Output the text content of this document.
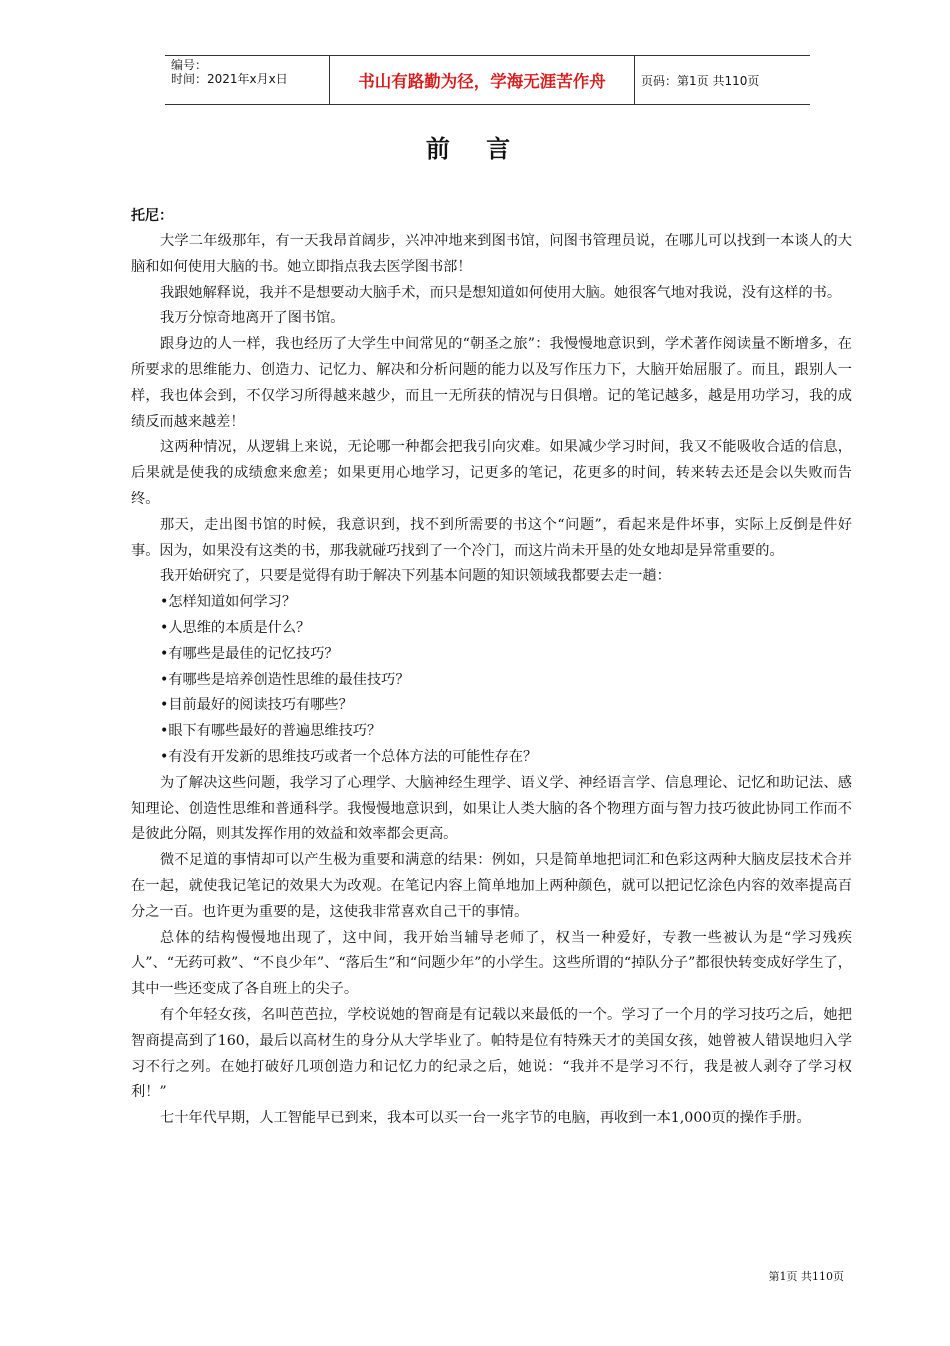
编号：
时间：2021年x月x日	书山有路勤为径，学海无涯苦作舟	页码：第1页 共110页
前 言
托尼：

大学二年级那年，有一天我昂首阔步，兴冲冲地来到图书馆，问图书管理员说，在哪儿可以找到一本谈人的大脑和如何使用大脑的书。她立即指点我去医学图书部！

我跟她解释说，我并不是想要动大脑手术，而只是想知道如何使用大脑。她很客气地对我说，没有这样的书。

我万分惊奇地离开了图书馆。

跟身边的人一样，我也经历了大学生中间常见的“朝圣之旅”：我慢慢地意识到，学术著作阅读量不断增多，在所要求的思维能力、创造力、记忆力、解决和分析问题的能力以及写作压力下，大脑开始屈服了。而且，跟别人一样，我也体会到，不仅学习所得越来越少，而且一无所获的情况与日俱增。记的笔记越多，越是用功学习，我的成绩反而越来越差！

这两种情况，从逻辑上来说，无论哪一种都会把我引向灾难。如果减少学习时间，我又不能吸收合适的信息，后果就是使我的成绩愈来愈差；如果更用心地学习，记更多的笔记，花更多的时间，转来转去还是会以失败而告终。

那天，走出图书馆的时候，我意识到，找不到所需要的书这个“问题”，看起来是件坏事，实际上反倒是件好事。因为，如果没有这类的书，那我就碰巧找到了一个冷门，而这片尚未开垦的处女地却是异常重要的。

我开始研究了，只要是觉得有助于解决下列基本问题的知识领域我都要去走一趟：

•怎样知道如何学习？

•人思维的本质是什么？

•有哪些是最佳的记忆技巧？

•有哪些是培养创造性思维的最佳技巧？

•目前最好的阅读技巧有哪些？

•眼下有哪些最好的普遍思维技巧？

•有没有开发新的思维技巧或者一个总体方法的可能性存在？

为了解决这些问题，我学习了心理学、大脑神经生理学、语义学、神经语言学、信息理论、记忆和助记法、感知理论、创造性思维和普通科学。我慢慢地意识到，如果让人类大脑的各个物理方面与智力技巧彼此协同工作而不是彼此分隔，则其发挥作用的效益和效率都会更高。

微不足道的事情却可以产生极为重要和满意的结果：例如，只是简单地把词汇和色彩这两种大脑皮层技术合并在一起，就使我记笔记的效果大为改观。在笔记内容上简单地加上两种颜色，就可以把记忆涂色内容的效率提高百分之一百。也许更为重要的是，这使我非常喜欢自己干的事情。

总体的结构慢慢地出现了，这中间，我开始当辅导老师了，权当一种爱好，专教一些被认为是“学习残疾人”、“无药可救”、“不良少年”、“落后生”和“问题少年”的小学生。这些所谓的“掉队分子”都很快转变成好学生了，其中一些还变成了各自班上的尖子。

有个年轻女孩，名叫芭芭拉，学校说她的智商是有记载以来最低的一个。学习了一个月的学习技巧之后，她把智商提高到了160，最后以高材生的身分从大学毕业了。帕特是位有特殊天才的美国女孩，她曾被人错误地归入学习不行之列。在她打破好几项创造力和记忆力的纪录之后，她说：“我并不是学习不行，我是被人剥夺了学习权利！”

七十年代早期，人工智能早已到来，我本可以买一台一兆字节的电脑，再收到一本1,000页的操作手册。

第1页 共110页
